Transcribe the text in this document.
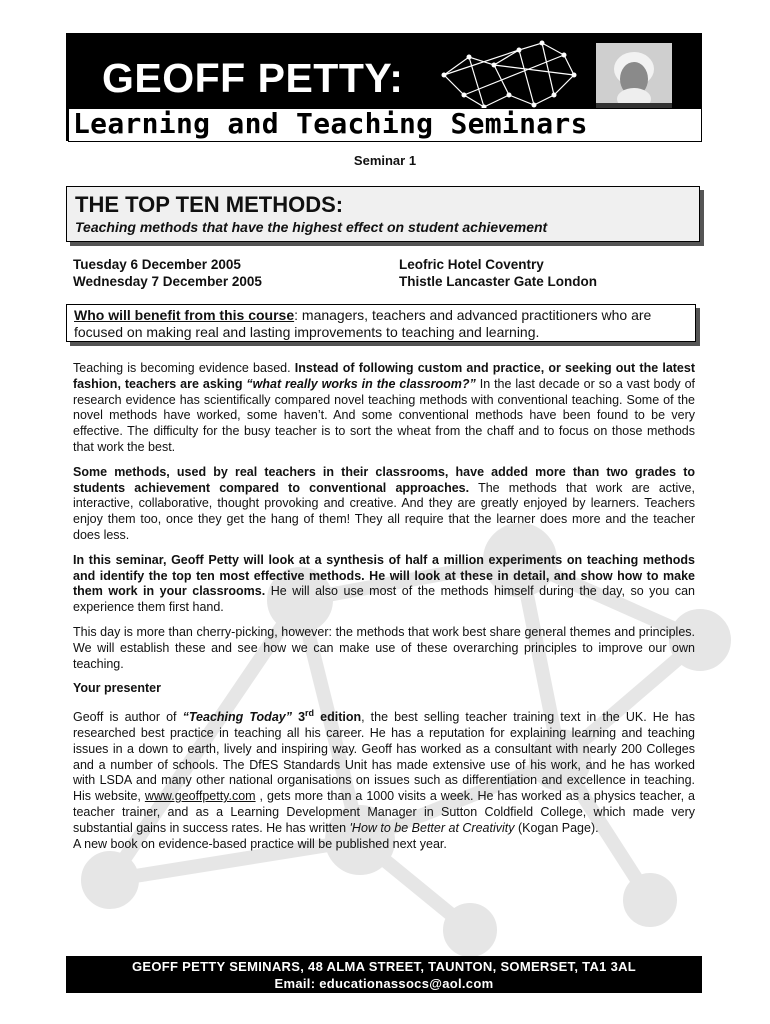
GEOFF PETTY:
Learning and Teaching Seminars
Seminar 1
THE TOP TEN METHODS:
Teaching methods that have the highest effect on student achievement
Tuesday 6 December 2005
Wednesday 7 December 2005
Leofric Hotel Coventry
Thistle Lancaster Gate London
Who will benefit from this course: managers, teachers and advanced practitioners who are focused on making real and lasting improvements to teaching and learning.

Teaching is becoming evidence based. Instead of following custom and practice, or seeking out the latest fashion, teachers are asking “what really works in the classroom?” In the last decade or so a vast body of research evidence has scientifically compared novel teaching methods with conventional teaching. Some of the novel methods have worked, some haven’t. And some conventional methods have been found to be very effective. The difficulty for the busy teacher is to sort the wheat from the chaff and to focus on those methods that work the best.

Some methods, used by real teachers in their classrooms, have added more than two grades to students achievement compared to conventional approaches. The methods that work are active, interactive, collaborative, thought provoking and creative. And they are greatly enjoyed by learners. Teachers enjoy them too, once they get the hang of them! They all require that the learner does more and the teacher does less.

In this seminar, Geoff Petty will look at a synthesis of half a million experiments on teaching methods and identify the top ten most effective methods. He will look at these in detail, and show how to make them work in your classrooms. He will also use most of the methods himself during the day, so you can experience them first hand.

This day is more than cherry-picking, however: the methods that work best share general themes and principles. We will establish these and see how we can make use of these overarching principles to improve our own teaching.

Your presenter

Geoff is author of “Teaching Today” 3rd edition, the best selling teacher training text in the UK. He has researched best practice in teaching all his career. He has a reputation for explaining learning and teaching issues in a down to earth, lively and inspiring way. Geoff has worked as a consultant with nearly 200 Colleges and a number of schools. The DfES Standards Unit has made extensive use of his work, and he has worked with LSDA and many other national organisations on issues such as differentiation and excellence in teaching. His website, www.geoffpetty.com , gets more than a 1000 visits a week. He has worked as a physics teacher, a teacher trainer, and as a Learning Development Manager in Sutton Coldfield College, which made very substantial gains in success rates. He has written 'How to be Better at Creativity (Kogan Page).
A new book on evidence-based practice will be published next year.

GEOFF PETTY SEMINARS, 48 ALMA STREET, TAUNTON, SOMERSET, TA1 3AL
Email: educationassocs@aol.com
